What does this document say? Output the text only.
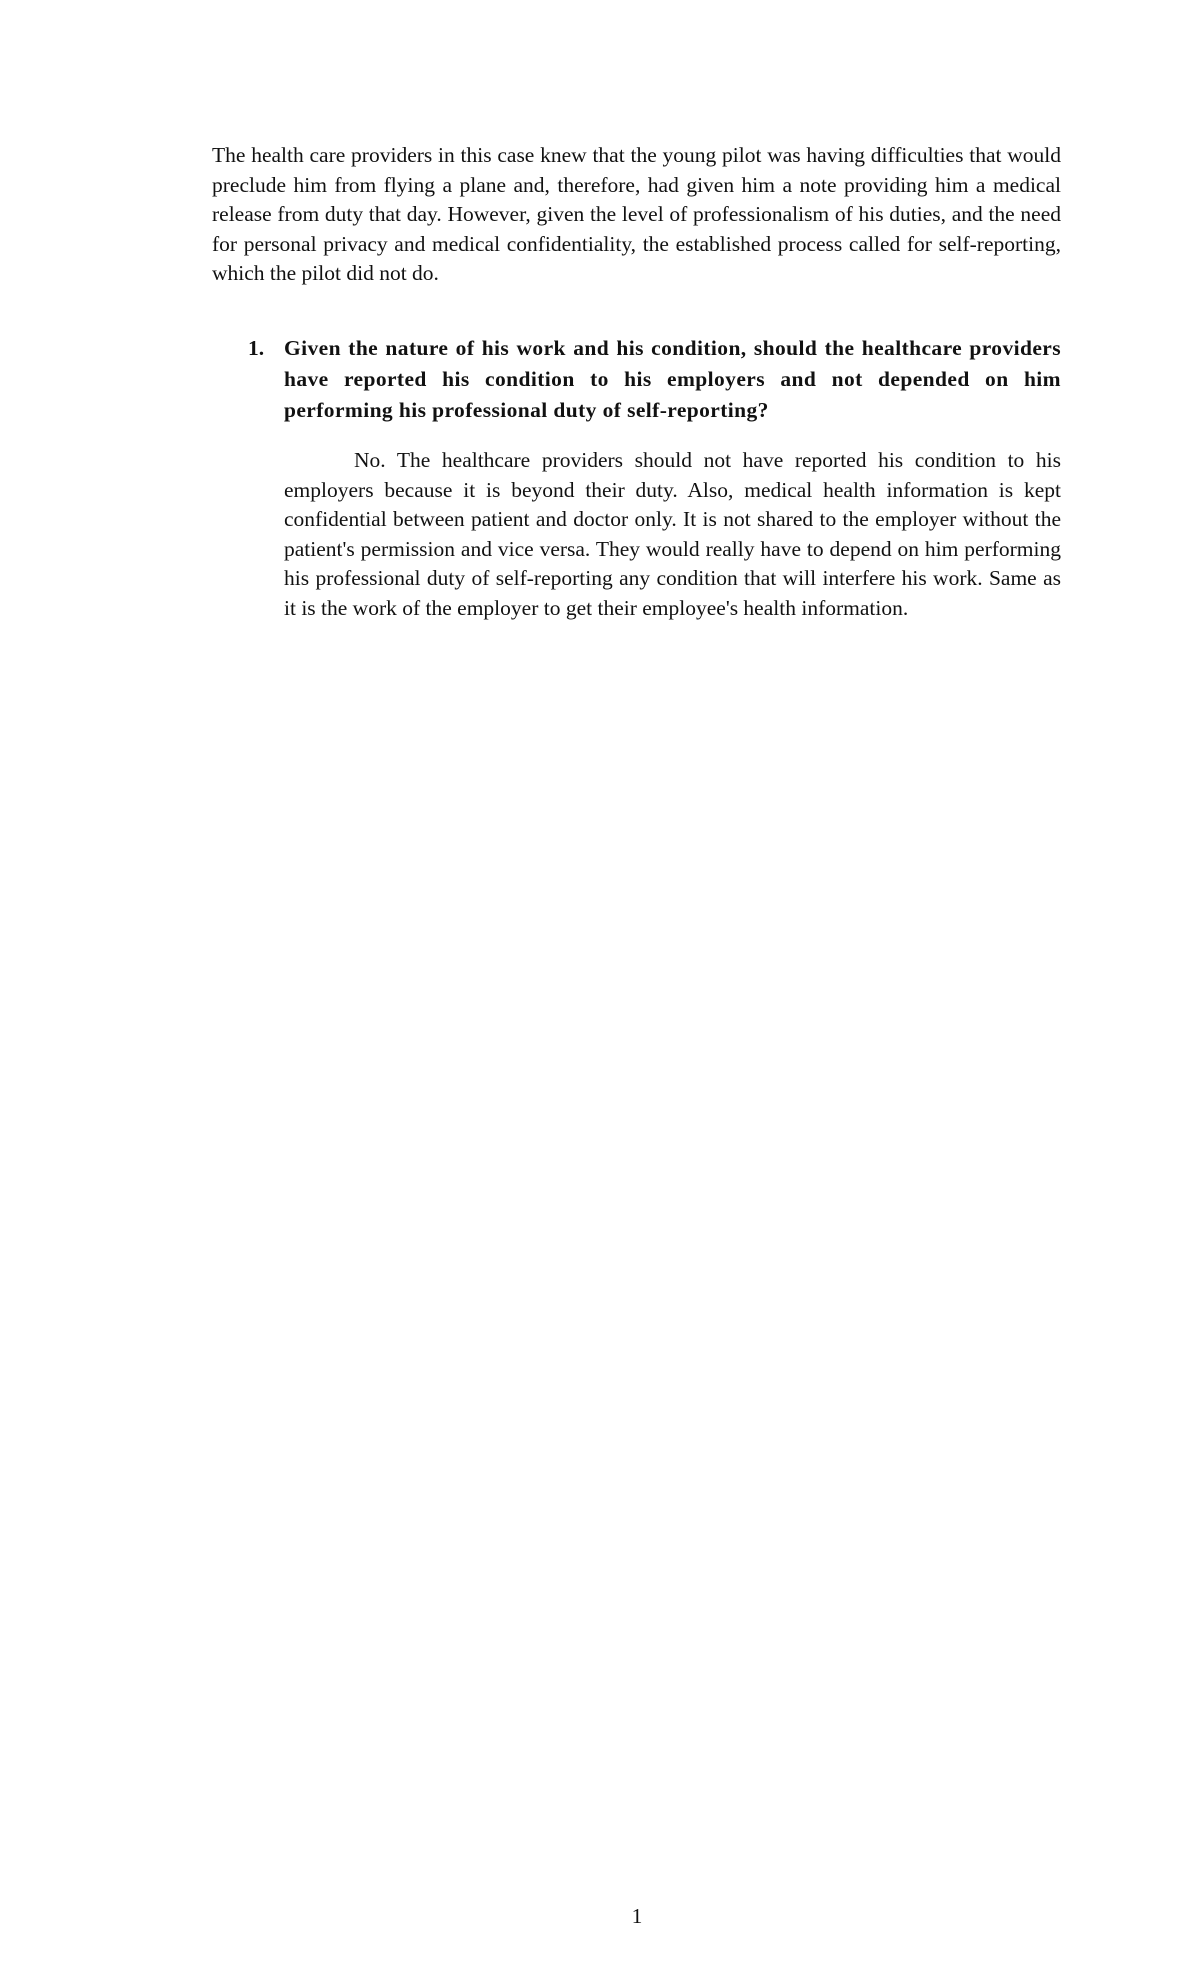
The health care providers in this case knew that the young pilot was having difficulties that would preclude him from flying a plane and, therefore, had given him a note providing him a medical release from duty that day. However, given the level of professionalism of his duties, and the need for personal privacy and medical confidentiality, the established process called for self-reporting, which the pilot did not do.

1. Given the nature of his work and his condition, should the healthcare providers have reported his condition to his employers and not depended on him performing his professional duty of self-reporting?

No. The healthcare providers should not have reported his condition to his employers because it is beyond their duty. Also, medical health information is kept confidential between patient and doctor only. It is not shared to the employer without the patient's permission and vice versa. They would really have to depend on him performing his professional duty of self-reporting any condition that will interfere his work. Same as it is the work of the employer to get their employee's health information.

1
